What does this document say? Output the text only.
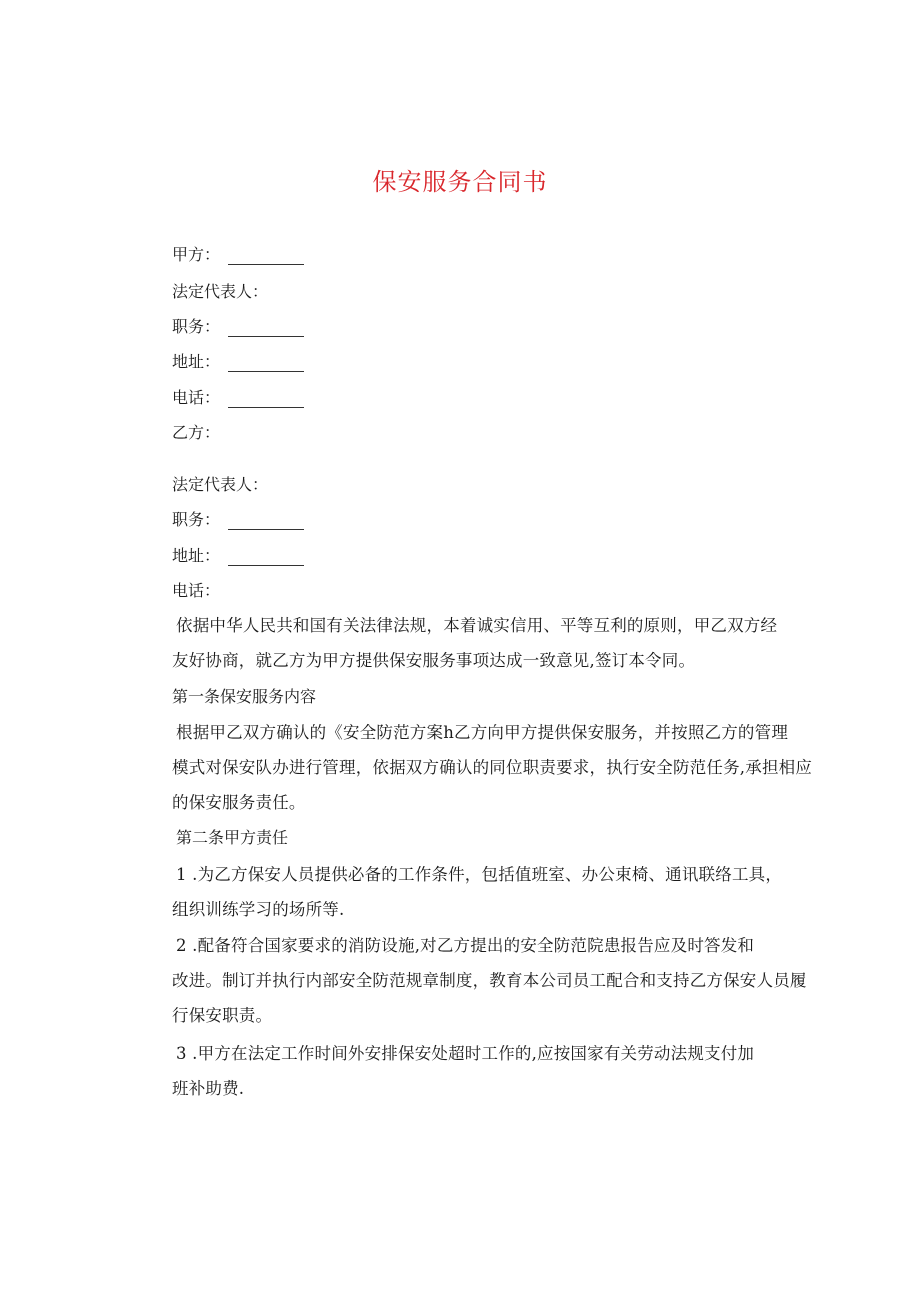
保安服务合同书
甲方：
法定代表人：
职务：
地址：
电话：
乙方：
法定代表人：
职务：
地址：
电话：
依据中华人民共和国有关法律法规，本着诚实信用、平等互利的原则，甲乙双方经
友好协商，就乙方为甲方提供保安服务事项达成一致意见,签订本令同。
第一条保安服务内容
根据甲乙双方确认的《安全防范方案h乙方向甲方提供保安服务，并按照乙方的管理
模式对保安队办进行管理，依据双方确认的同位职责要求，执行安全防范任务,承担相应
的保安服务责任。
第二条甲方责任
1 .为乙方保安人员提供必备的工作条件，包括值班室、办公束椅、通讯联络工具，
组织训练学习的场所等.
2 .配备符合国家要求的消防设施,对乙方提出的安全防范院患报告应及时答发和
改进。制订并执行内部安全防范规章制度，教育本公司员工配合和支持乙方保安人员履
行保安职责。
3 .甲方在法定工作时间外安排保安处超时工作的,应按国家有关劳动法规支付加
班补助费.
